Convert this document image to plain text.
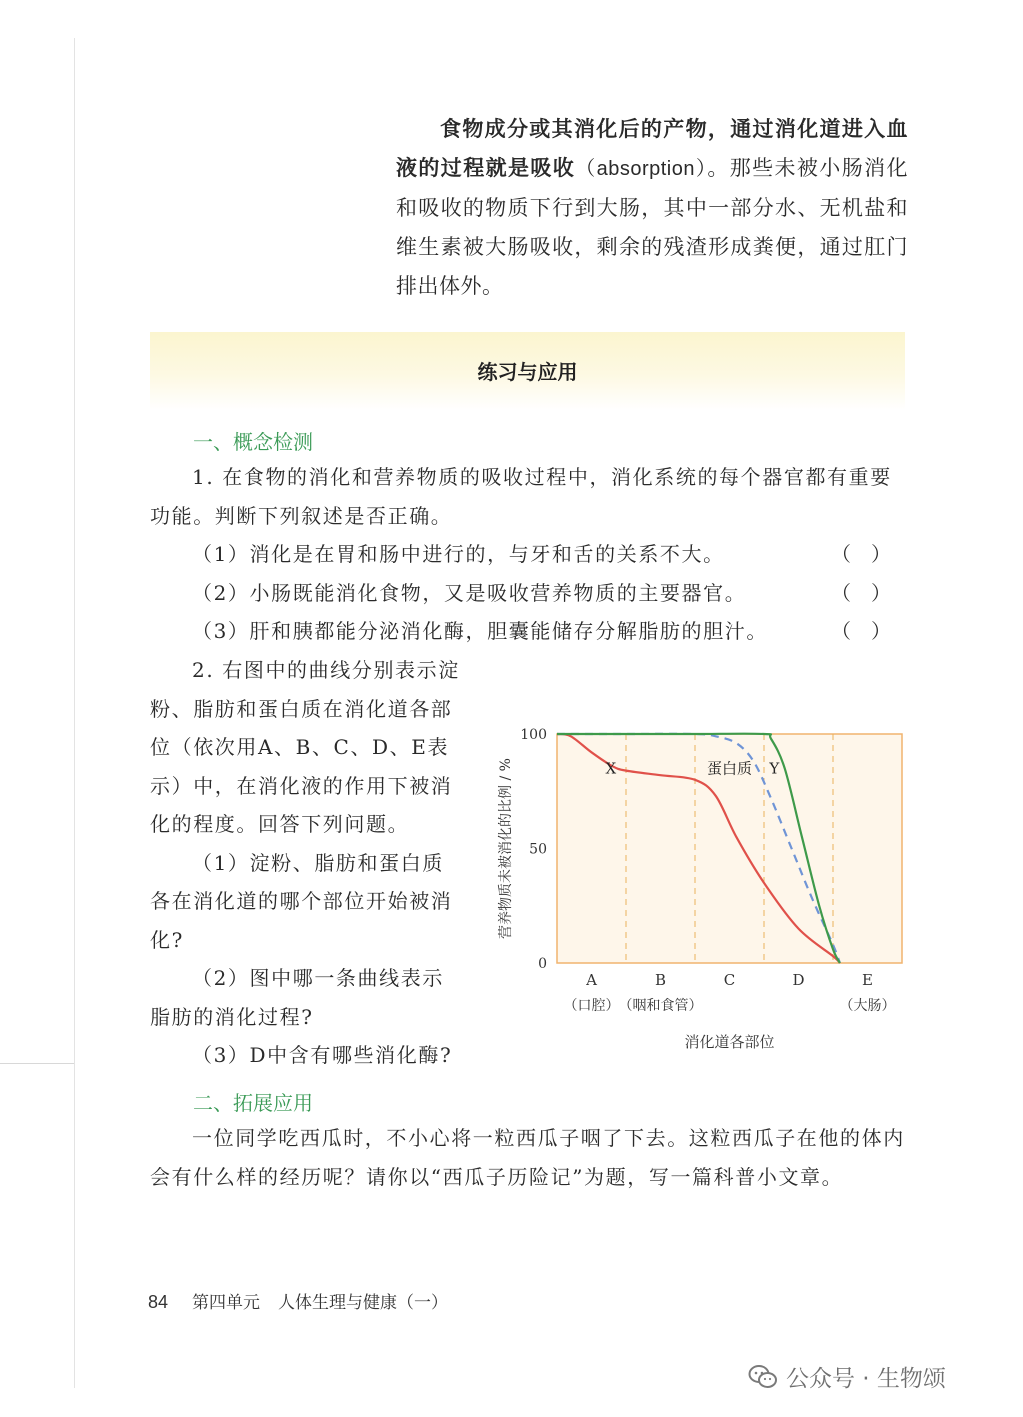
食物成分或其消化后的产物，通过消化道进入血液的过程就是吸收（absorption）。那些未被小肠消化和吸收的物质下行到大肠，其中一部分水、无机盐和维生素被大肠吸收，剩余的残渣形成粪便，通过肛门排出体外。

练习与应用
一、概念检测

1. 在食物的消化和营养物质的吸收过程中，消化系统的每个器官都有重要功能。判断下列叙述是否正确。

（1）消化是在胃和肠中进行的，与牙和舌的关系不大。	（　）

（2）小肠既能消化食物，又是吸收营养物质的主要器官。	（　）

（3）肝和胰都能分泌消化酶，胆囊能储存分解脂肪的胆汁。	（　）

2. 右图中的曲线分别表示淀粉、脂肪和蛋白质在消化道各部位（依次用A、B、C、D、E表示）中，在消化液的作用下被消化的程度。回答下列问题。

（1）淀粉、脂肪和蛋白质各在消化道的哪个部位开始被消化?

（2）图中哪一条曲线表示脂肪的消化过程?

（3）D中含有哪些消化酶?

0
50
100
A	B	C	D	E
（口腔） （咽和食管）	（大肠）
消化道各部位
营养物质未被消化的比例 / %	X	蛋白质 Y
二、拓展应用

一位同学吃西瓜时，不小心将一粒西瓜子咽了下去。这粒西瓜子在他的体内会有什么样的经历呢？请你以“西瓜子历险记”为题，写一篇科普小文章。

84 第四单元 人体生理与健康（一）
公众号 · 生物颂
